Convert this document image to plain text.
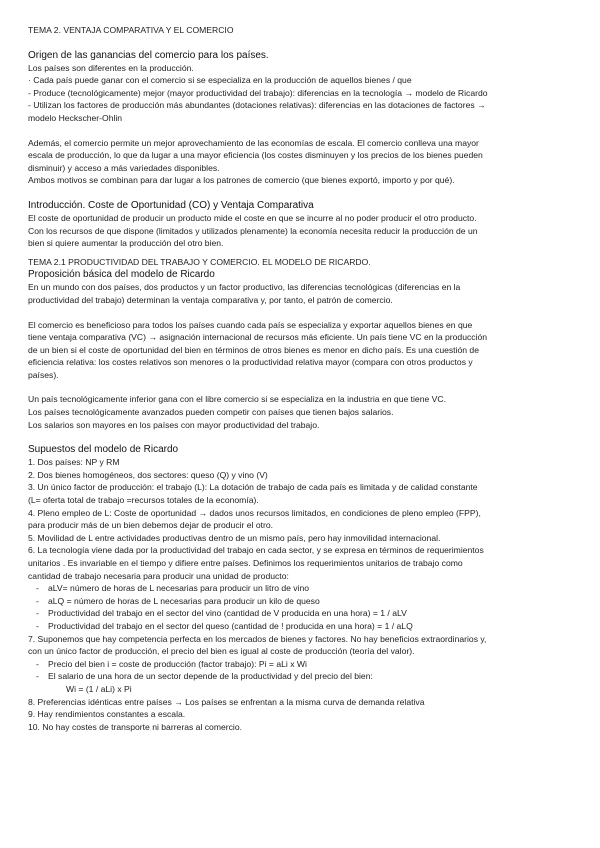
TEMA 2. VENTAJA COMPARATIVA Y EL COMERCIO
Origen de las ganancias del comercio para los países.
Los países son diferentes en la producción.
· Cada país puede ganar con el comercio si se especializa en la producción de aquellos bienes / que
- Produce (tecnológicamente) mejor (mayor productividad del trabajo): diferencias en la tecnología → modelo de Ricardo
- Utilizan los factores de producción más abundantes (dotaciones relativas): diferencias en las dotaciones de factores →
modelo Heckscher-Ohlin
Además, el comercio permite un mejor aprovechamiento de las economías de escala. El comercio conlleva una mayor
escala de producción, lo que da lugar a una mayor eficiencia (los costes disminuyen y los precios de los bienes pueden
disminuir) y acceso a más variedades disponibles.
Ambos motivos se combinan para dar lugar a los patrones de comercio (que bienes exportó, importo y por qué).
Introducción. Coste de Oportunidad (CO) y Ventaja Comparativa
El coste de oportunidad de producir un producto mide el coste en que se incurre al no poder producir el otro producto.
Con los recursos de que dispone (limitados y utilizados plenamente) la economía necesita reducir la producción de un
bien si quiere aumentar la producción del otro bien.
TEMA 2.1 PRODUCTIVIDAD DEL TRABAJO Y COMERCIO. EL MODELO DE RICARDO.
Proposición básica del modelo de Ricardo
En un mundo con dos países, dos productos y un factor productivo, las diferencias tecnológicas (diferencias en la
productividad del trabajo) determinan la ventaja comparativa y, por tanto, el patrón de comercio.
El comercio es beneficioso para todos los países cuando cada país se especializa y exportar aquellos bienes en que
tiene ventaja comparativa (VC) → asignación internacional de recursos más eficiente. Un país tiene VC en la producción
de un bien si el coste de oportunidad del bien en términos de otros bienes es menor en dicho país. Es una cuestión de
eficiencia relativa: los costes relativos son menores o la productividad relativa mayor (compara con otros productos y
países).
Un país tecnológicamente inferior gana con el libre comercio si se especializa en la industria en que tiene VC.
Los países tecnológicamente avanzados pueden competir con países que tienen bajos salarios.
Los salarios son mayores en los países con mayor productividad del trabajo.
Supuestos del modelo de Ricardo
1. Dos países: NP y RM
2. Dos bienes homogéneos, dos sectores: queso (Q) y vino (V)
3. Un único factor de producción: el trabajo (L): La dotación de trabajo de cada país es limitada y de calidad constante
(L= oferta total de trabajo =recursos totales de la economía).
4. Pleno empleo de L: Coste de oportunidad → dados unos recursos limitados, en condiciones de pleno empleo (FPP),
para producir más de un bien debemos dejar de producir el otro.
5. Movilidad de L entre actividades productivas dentro de un mismo país, pero hay inmovilidad internacional.
6. La tecnología viene dada por la productividad del trabajo en cada sector, y se expresa en términos de requerimientos
unitarios . Es invariable en el tiempo y difiere entre países. Definimos los requerimientos unitarios de trabajo como
cantidad de trabajo necesaria para producir una unidad de producto:
- aLV= número de horas de L necesarias para producir un litro de vino
- aLQ = número de horas de L necesarias para producir un kilo de queso
- Productividad del trabajo en el sector del vino (cantidad de V producida en una hora) = 1 / aLV
- Productividad del trabajo en el sector del queso (cantidad de ! producida en una hora) = 1 / aLQ
7. Suponemos que hay competencia perfecta en los mercados de bienes y factores. No hay beneficios extraordinarios y,
con un único factor de producción, el precio del bien es igual al coste de producción (teoría del valor).
- Precio del bien i = coste de producción (factor trabajo): Pi = aLi x Wi
- El salario de una hora de un sector depende de la productividad y del precio del bien:
Wi = (1 / aLi) x Pi
8. Preferencias idénticas entre países → Los países se enfrentan a la misma curva de demanda relativa
9. Hay rendimientos constantes a escala.
10. No hay costes de transporte ni barreras al comercio.
